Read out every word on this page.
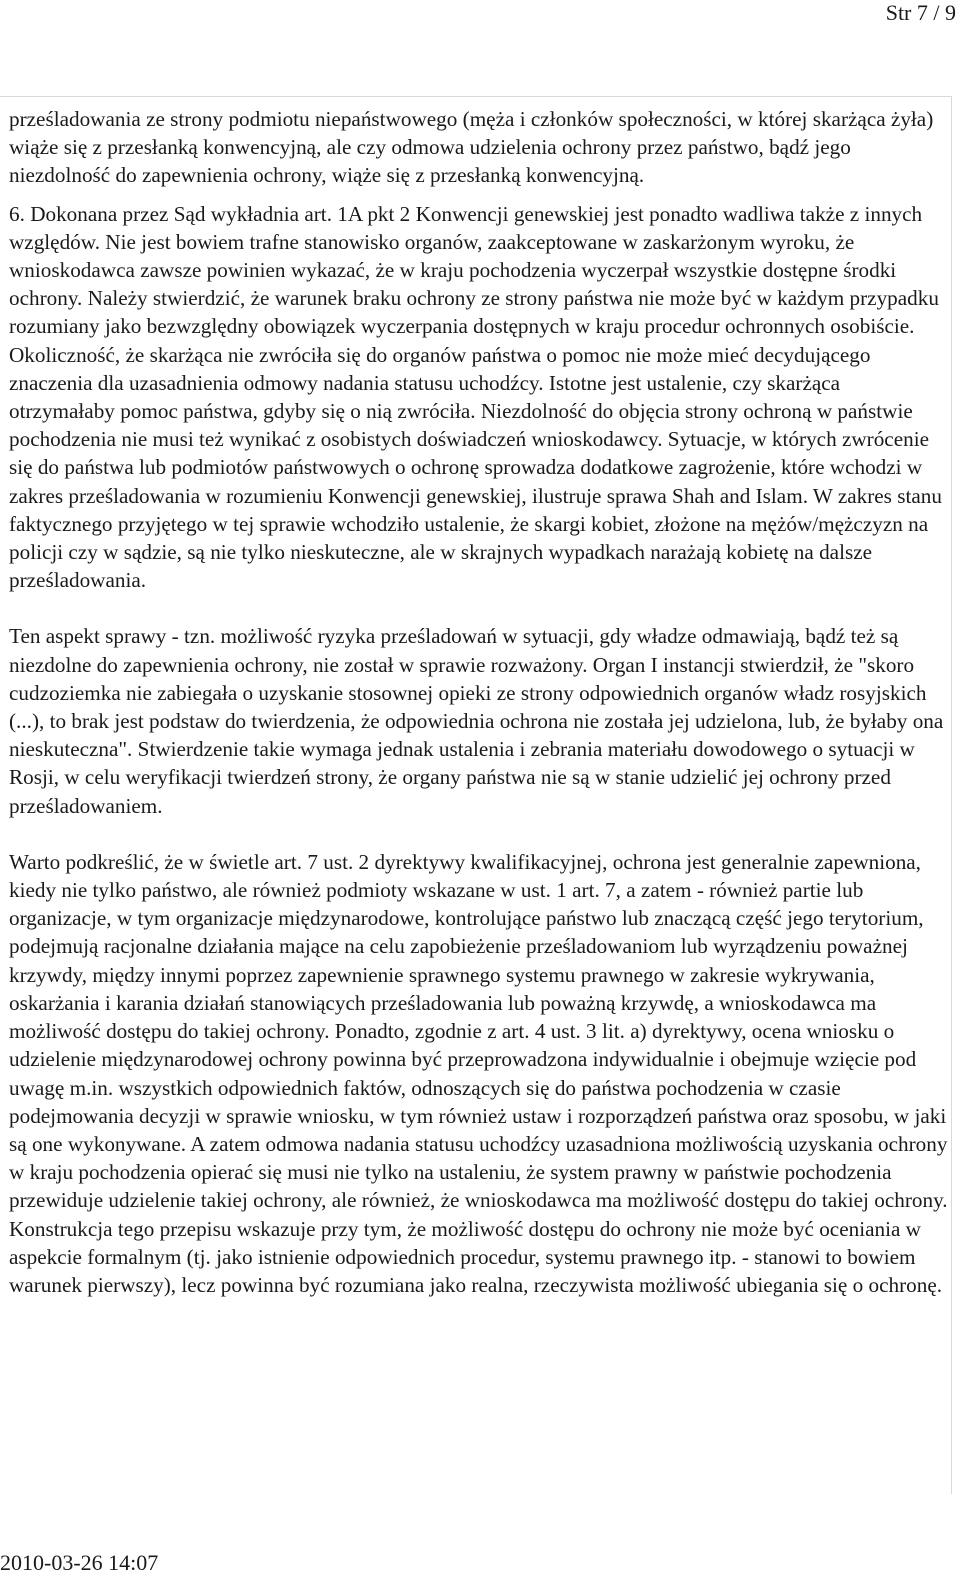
Str 7 / 9

prześladowania ze strony podmiotu niepaństwowego (męża i członków społeczności, w której skarżąca żyła) wiąże się z przesłanką konwencyjną, ale czy odmowa udzielenia ochrony przez państwo, bądź jego niezdolność do zapewnienia ochrony, wiąże się z przesłanką konwencyjną.

6. Dokonana przez Sąd wykładnia art. 1A pkt 2 Konwencji genewskiej jest ponadto wadliwa także z innych względów. Nie jest bowiem trafne stanowisko organów, zaakceptowane w zaskarżonym wyroku, że wnioskodawca zawsze powinien wykazać, że w kraju pochodzenia wyczerpał wszystkie dostępne środki ochrony. Należy stwierdzić, że warunek braku ochrony ze strony państwa nie może być w każdym przypadku rozumiany jako bezwzględny obowiązek wyczerpania dostępnych w kraju procedur ochronnych osobiście. Okoliczność, że skarżąca nie zwróciła się do organów państwa o pomoc nie może mieć decydującego znaczenia dla uzasadnienia odmowy nadania statusu uchodźcy. Istotne jest ustalenie, czy skarżąca otrzymałaby pomoc państwa, gdyby się o nią zwróciła. Niezdolność do objęcia strony ochroną w państwie pochodzenia nie musi też wynikać z osobistych doświadczeń wnioskodawcy. Sytuacje, w których zwrócenie się do państwa lub podmiotów państwowych o ochronę sprowadza dodatkowe zagrożenie, które wchodzi w zakres prześladowania w rozumieniu Konwencji genewskiej, ilustruje sprawa Shah and Islam. W zakres stanu faktycznego przyjętego w tej sprawie wchodziło ustalenie, że skargi kobiet, złożone na mężów/mężczyzn na policji czy w sądzie, są nie tylko nieskuteczne, ale w skrajnych wypadkach narażają kobietę na dalsze prześladowania.

Ten aspekt sprawy - tzn. możliwość ryzyka prześladowań w sytuacji, gdy władze odmawiają, bądź też są niezdolne do zapewnienia ochrony, nie został w sprawie rozważony. Organ I instancji stwierdził, że "skoro cudzoziemka nie zabiegała o uzyskanie stosownej opieki ze strony odpowiednich organów władz rosyjskich (...), to brak jest podstaw do twierdzenia, że odpowiednia ochrona nie została jej udzielona, lub, że byłaby ona nieskuteczna". Stwierdzenie takie wymaga jednak ustalenia i zebrania materiału dowodowego o sytuacji w Rosji, w celu weryfikacji twierdzeń strony, że organy państwa nie są w stanie udzielić jej ochrony przed prześladowaniem.

Warto podkreślić, że w świetle art. 7 ust. 2 dyrektywy kwalifikacyjnej, ochrona jest generalnie zapewniona, kiedy nie tylko państwo, ale również podmioty wskazane w ust. 1 art. 7, a zatem - również partie lub organizacje, w tym organizacje międzynarodowe, kontrolujące państwo lub znaczącą część jego terytorium, podejmują racjonalne działania mające na celu zapobieżenie prześladowaniom lub wyrządzeniu poważnej krzywdy, między innymi poprzez zapewnienie sprawnego systemu prawnego w zakresie wykrywania, oskarżania i karania działań stanowiących prześladowania lub poważną krzywdę, a wnioskodawca ma możliwość dostępu do takiej ochrony. Ponadto, zgodnie z art. 4 ust. 3 lit. a) dyrektywy, ocena wniosku o udzielenie międzynarodowej ochrony powinna być przeprowadzona indywidualnie i obejmuje wzięcie pod uwagę m.in. wszystkich odpowiednich faktów, odnoszących się do państwa pochodzenia w czasie podejmowania decyzji w sprawie wniosku, w tym również ustaw i rozporządzeń państwa oraz sposobu, w jaki są one wykonywane. A zatem odmowa nadania statusu uchodźcy uzasadniona możliwością uzyskania ochrony w kraju pochodzenia opierać się musi nie tylko na ustaleniu, że system prawny w państwie pochodzenia przewiduje udzielenie takiej ochrony, ale również, że wnioskodawca ma możliwość dostępu do takiej ochrony. Konstrukcja tego przepisu wskazuje przy tym, że możliwość dostępu do ochrony nie może być oceniania w aspekcie formalnym (tj. jako istnienie odpowiednich procedur, systemu prawnego itp. - stanowi to bowiem warunek pierwszy), lecz powinna być rozumiana jako realna, rzeczywista możliwość ubiegania się o ochronę.

2010-03-26 14:07
